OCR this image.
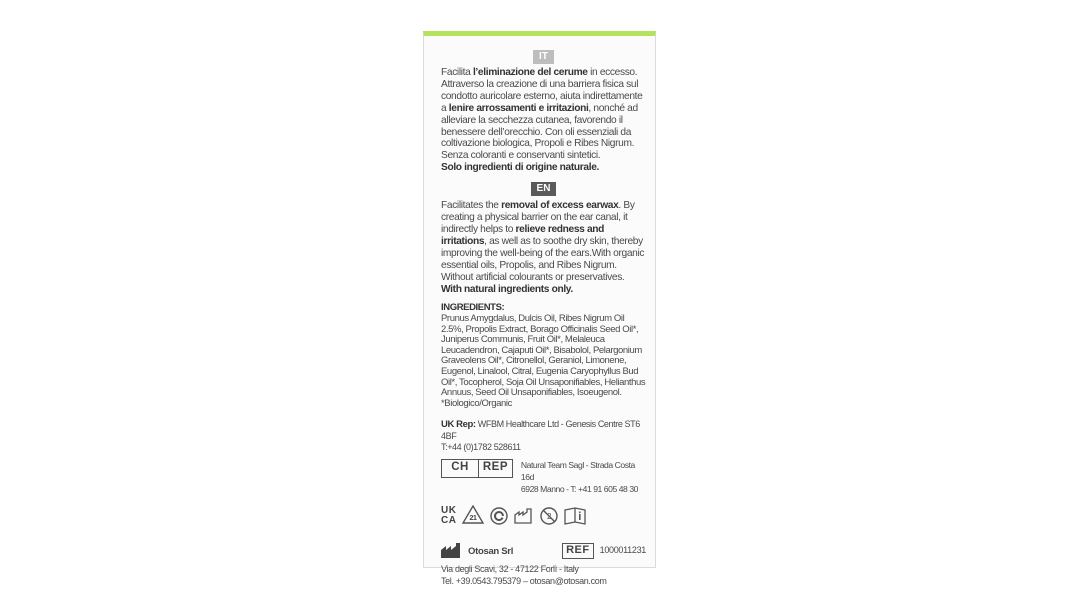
IT

Facilita l’eliminazione del cerume in eccesso. Attraverso la creazione di una barriera fisica sul condotto auricolare esterno, aiuta indirettamente a lenire arrossamenti e irritazioni, nonché ad alleviare la secchezza cutanea, favorendo il benessere dell’orecchio. Con oli essenziali da coltivazione biologica, Propoli e Ribes Nigrum. Senza coloranti e conservanti sintetici.
Solo ingredienti di origine naturale.

EN

Facilitates the removal of excess earwax. By creating a physical barrier on the ear canal, it indirectly helps to relieve redness and irritations, as well as to soothe dry skin, thereby improving the well-being of the ears.With organic essential oils, Propolis, and Ribes Nigrum. Without artificial colourants or preservatives.
With natural ingredients only.

INGREDIENTS:
Prunus Amygdalus, Dulcis Oil, Ribes Nigrum Oil 2.5%, Propolis Extract, Borago Officinalis Seed Oil*, Juniperus Communis, Fruit Oil*, Melaleuca Leucadendron, Cajaputi Oil*, Bisabolol, Pelargonium Graveolens Oil*, Citronellol, Geraniol, Limonene, Eugenol, Linalool, Citral, Eugenia Caryophyllus Bud Oil*, Tocopherol, Soja Oil Unsaponifiables, Helianthus Annuus, Seed Oil Unsaponifiables, Isoeugenol. *Biologico/Organic
UK Rep: WFBM Healthcare Ltd - Genesis Centre ST6 4BF
T:+44 (0)1782 528611
CH	REP	Natural Team Sagl - Strada Costa 16d
6928 Manno - T: +41 91 605 48 30
UK
CA 21	2
Otosan Srl	REF	1000011231
Via degli Scavi, 32 - 47122 Forlì - Italy
Tel. +39.0543.795379 – otosan@otosan.com
